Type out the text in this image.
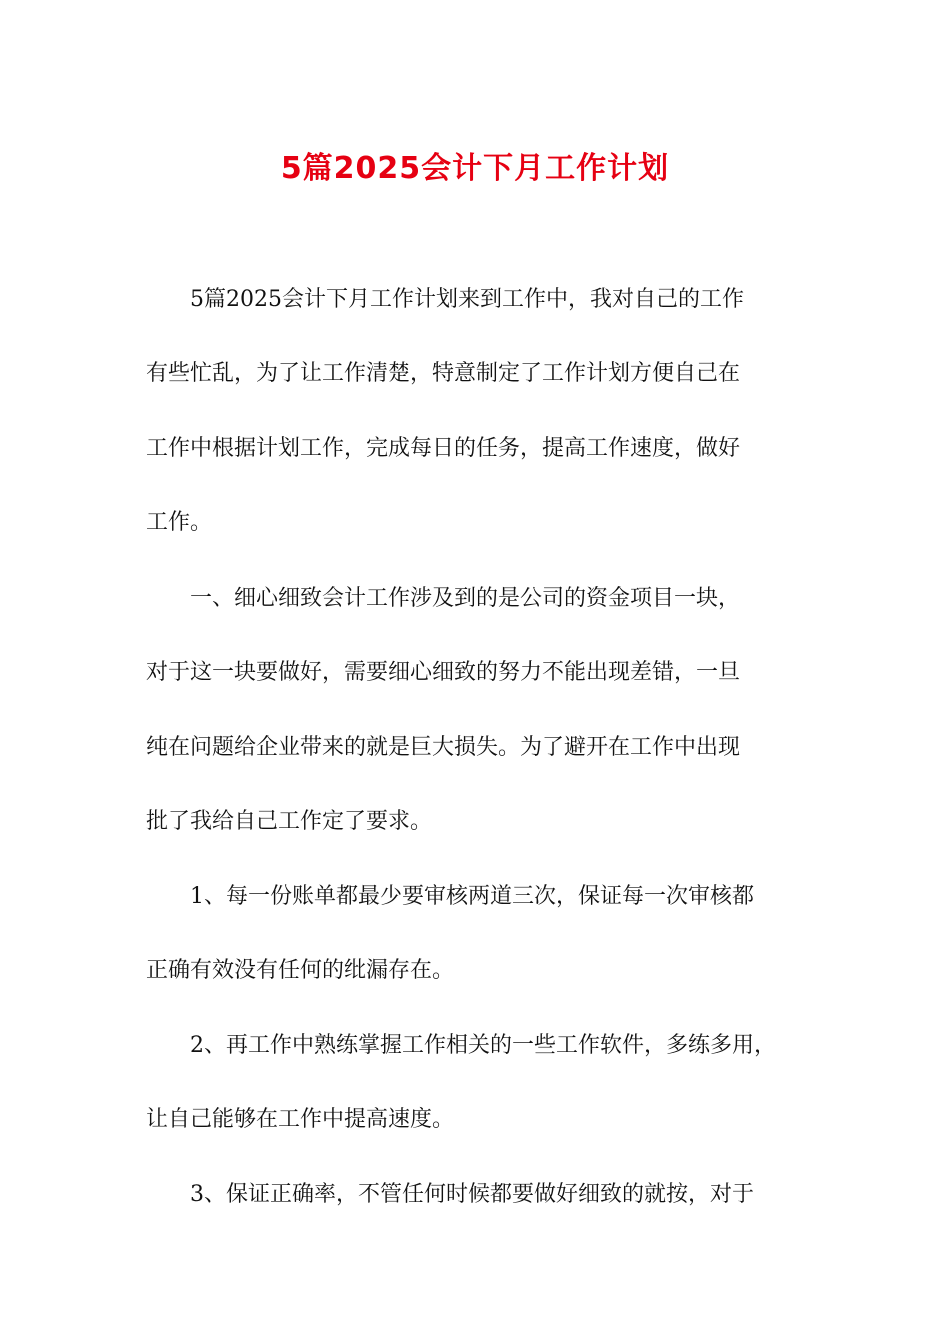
5篇2025会计下月工作计划
5篇2025会计下月工作计划来到工作中，我对自己的工作
有些忙乱，为了让工作清楚，特意制定了工作计划方便自己在
工作中根据计划工作，完成每日的任务，提高工作速度，做好
工作。
一、细心细致会计工作涉及到的是公司的资金项目一块，
对于这一块要做好，需要细心细致的努力不能出现差错，一旦
纯在问题给企业带来的就是巨大损失。为了避开在工作中出现
批了我给自己工作定了要求。
1、每一份账单都最少要审核两道三次，保证每一次审核都
正确有效没有任何的纰漏存在。
2、再工作中熟练掌握工作相关的一些工作软件，多练多用，
让自己能够在工作中提高速度。
3、保证正确率，不管任何时候都要做好细致的就按，对于
